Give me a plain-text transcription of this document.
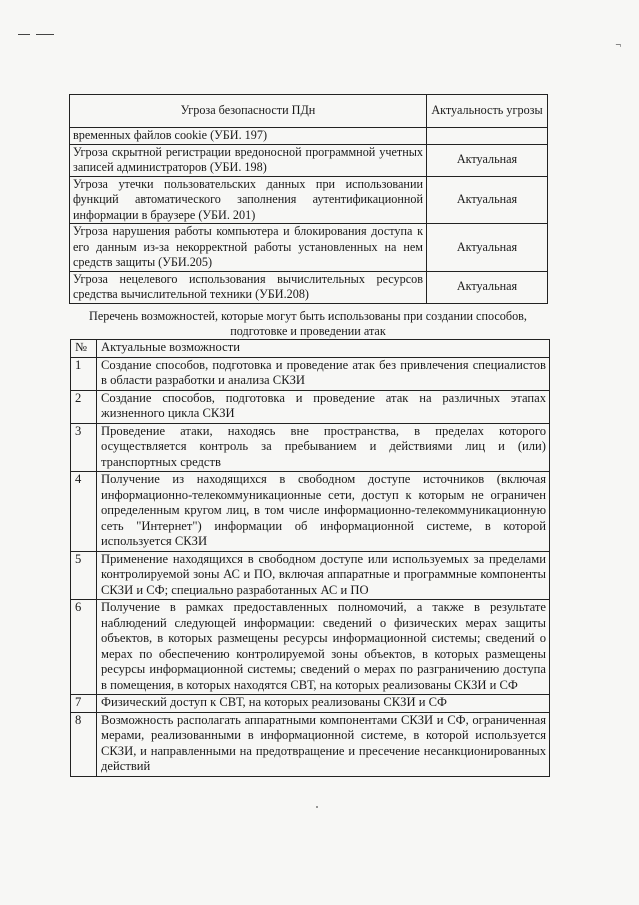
¬
Угроза безопасности ПДн	Актуальность угрозы
временных файлов cookie (УБИ. 197)	
Угроза скрытной регистрации вредоносной программной учетных записей администраторов (УБИ. 198)	Актуальная
Угроза утечки пользовательских данных при использовании функций автоматического заполнения аутентификационной информации в браузере (УБИ. 201)	Актуальная
Угроза нарушения работы компьютера и блокирования доступа к его данным из-за некорректной работы установленных на нем средств защиты (УБИ.205)	Актуальная
Угроза нецелевого использования вычислительных ресурсов средства вычислительной техники (УБИ.208)	Актуальная
Перечень возможностей, которые могут быть использованы при создании способов, подготовке и проведении атак
№	Актуальные возможности
1	Создание способов, подготовка и проведение атак без привлечения специалистов в области разработки и анализа СКЗИ
2	Создание способов, подготовка и проведение атак на различных этапах жизненного цикла СКЗИ
3	Проведение атаки, находясь вне пространства, в пределах которого осуществляется контроль за пребыванием и действиями лиц и (или) транспортных средств
4	Получение из находящихся в свободном доступе источников (включая информационно-телекоммуникационные сети, доступ к которым не ограничен определенным кругом лиц, в том числе информационно-телекоммуникационную сеть "Интернет") информации об информационной системе, в которой используется СКЗИ
5	Применение находящихся в свободном доступе или используемых за пределами контролируемой зоны АС и ПО, включая аппаратные и программные компоненты СКЗИ и СФ; специально разработанных АС и ПО
6	Получение в рамках предоставленных полномочий, а также в результате наблюдений следующей информации: сведений о физических мерах защиты объектов, в которых размещены ресурсы информационной системы; сведений о мерах по обеспечению контролируемой зоны объектов, в которых размещены ресурсы информационной системы; сведений о мерах по разграничению доступа в помещения, в которых находятся СВТ, на которых реализованы СКЗИ и СФ
7	Физический доступ к СВТ, на которых реализованы СКЗИ и СФ
8	Возможность располагать аппаратными компонентами СКЗИ и СФ, ограниченная мерами, реализованными в информационной системе, в которой используется СКЗИ, и направленными на предотвращение и пресечение несанкционированных действий
